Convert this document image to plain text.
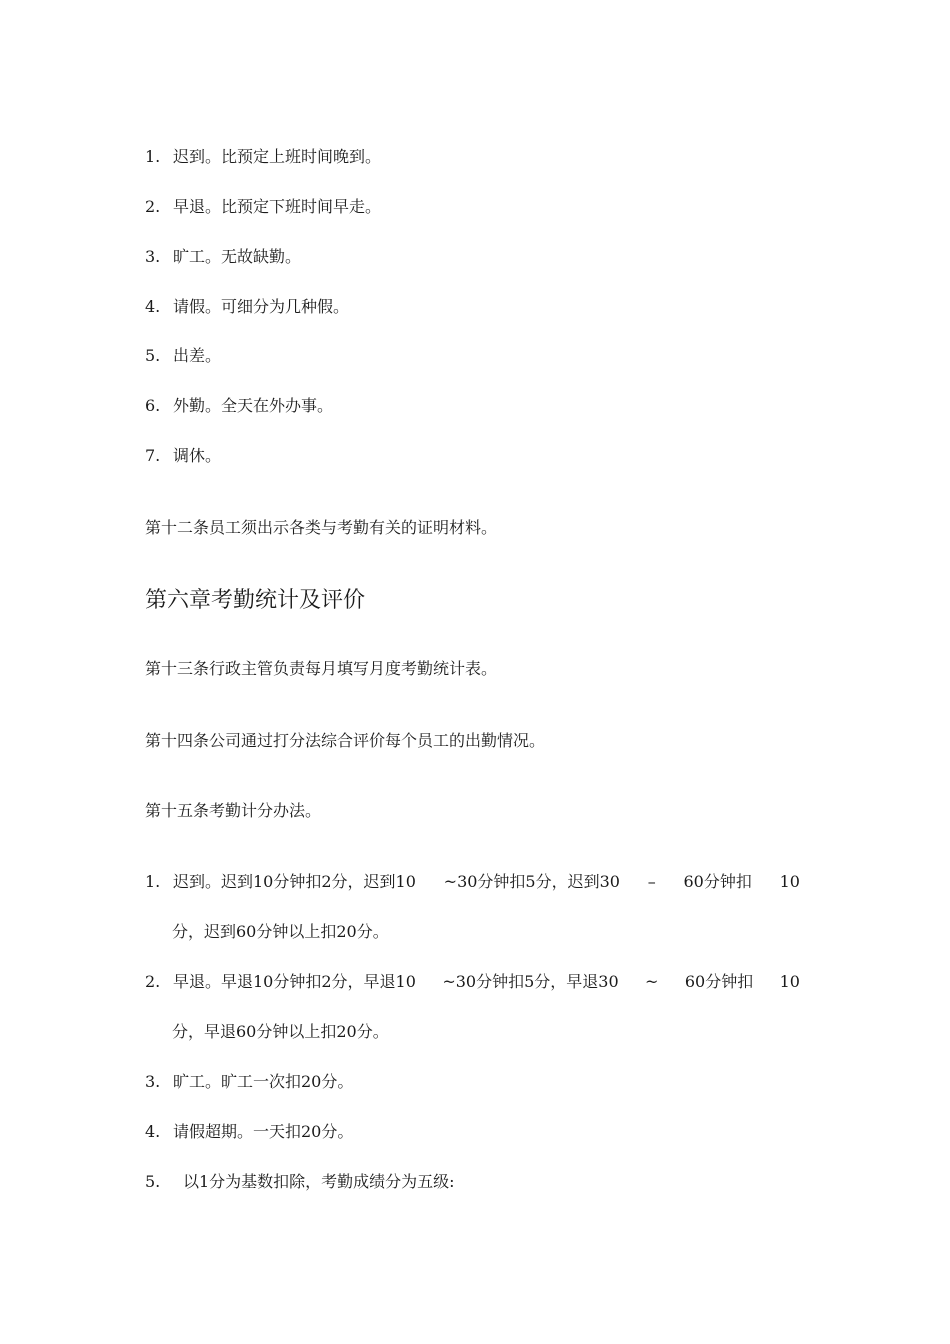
1. 迟到。比预定上班时间晚到。
2. 早退。比预定下班时间早走。
3. 旷工。无故缺勤。
4. 请假。可细分为几种假。
5. 出差。
6. 外勤。全天在外办事。
7. 调休。
第十二条员工须出示各类与考勤有关的证明材料。
第六章考勤统计及评价
第十三条行政主管负责每月填写月度考勤统计表。
第十四条公司通过打分法综合评价每个员工的出勤情况。
第十五条考勤计分办法。
1. 迟到。迟到10分钟扣2分，迟到10 ~30分钟扣5分，迟到30 – 60分钟扣 10
分，迟到60分钟以上扣20分。
2. 早退。早退10分钟扣2分，早退10 ~30分钟扣5分，早退30 ~ 60分钟扣 10
分，早退60分钟以上扣20分。
3. 旷工。旷工一次扣20分。
4. 请假超期。一天扣20分。
5. 以1分为基数扣除，考勤成绩分为五级:
